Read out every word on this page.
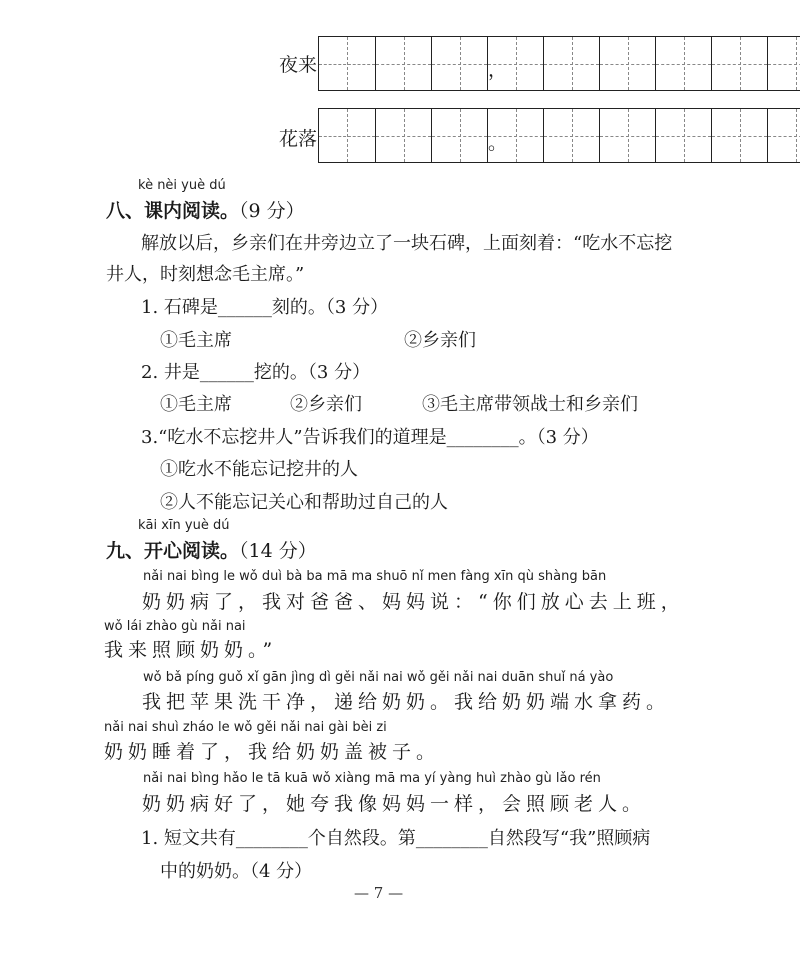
夜来	，
花落	。
kè nèi yuè dú
八、课内阅读。（9 分）
解放以后，乡亲们在井旁边立了一块石碑，上面刻着：“吃水不忘挖
井人，时刻想念毛主席。”
1. 石碑是______刻的。（3 分）
①毛主席	②乡亲们
2. 井是______挖的。（3 分）
①毛主席	②乡亲们	③毛主席带领战士和乡亲们
3.“吃水不忘挖井人”告诉我们的道理是________。（3 分）
①吃水不能忘记挖井的人
②人不能忘记关心和帮助过自己的人
kāi xīn yuè dú
九、开心阅读。（14 分）
nǎi nai bìng le wǒ duì bà ba mā ma shuō nǐ men fàng xīn qù shàng bān
奶奶病了，我对爸爸、妈妈说：“你们放心去上班，
wǒ lái zhào gù nǎi nai
我来照顾奶奶。”
wǒ bǎ píng guǒ xǐ gān jìng dì gěi nǎi nai wǒ gěi nǎi nai duān shuǐ ná yào
我把苹果洗干净，递给奶奶。我给奶奶端水拿药。
nǎi nai shuì zháo le wǒ gěi nǎi nai gài bèi zi
奶奶睡着了，我给奶奶盖被子。
nǎi nai bìng hǎo le tā kuā wǒ xiàng mā ma yí yàng huì zhào gù lǎo rén
奶奶病好了，她夸我像妈妈一样，会照顾老人。
1. 短文共有________个自然段。第________自然段写“我”照顾病
中的奶奶。（4 分）
— 7 —
